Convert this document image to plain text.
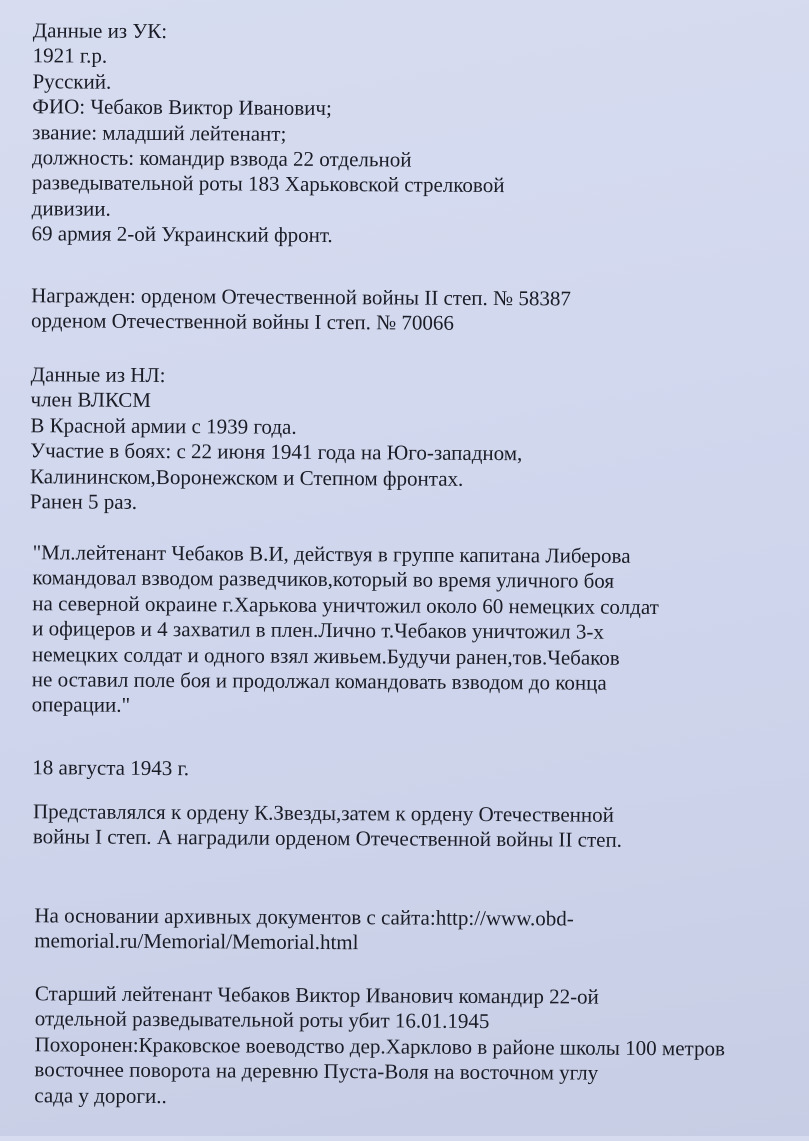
Данные из УК:
1921 г.р.
Русский.
ФИО: Чебаков Виктор Иванович;
звание: младший лейтенант;
должность: командир взвода 22 отдельной
разведывательной роты 183 Харьковской стрелковой
дивизии.
69 армия 2-ой Украинский фронт.
Награжден: орденом Отечественной войны II степ. № 58387
орденом Отечественной войны I степ. № 70066
Данные из НЛ:
член ВЛКСМ
В Красной армии с 1939 года.
Участие в боях: с 22 июня 1941 года на Юго-западном,
Калининском,Воронежском и Степном фронтах.
Ранен 5 раз.
"Мл.лейтенант Чебаков В.И, действуя в группе капитана Либерова
командовал взводом разведчиков,который во время уличного боя
на северной окраине г.Харькова уничтожил около 60 немецких солдат
и офицеров и 4 захватил в плен.Лично т.Чебаков уничтожил 3-х
немецких солдат и одного взял живьем.Будучи ранен,тов.Чебаков
не оставил поле боя и продолжал командовать взводом до конца
операции."
18 августа 1943 г.
Представлялся к ордену К.Звезды,затем к ордену Отечественной
войны I степ. А наградили орденом Отечественной войны II степ.
На основании архивных документов с сайта:http://www.obd-
memorial.ru/Memorial/Memorial.html
Старший лейтенант Чебаков Виктор Иванович командир 22-ой
отдельной разведывательной роты убит 16.01.1945
Похоронен:Краковское воеводство дер.Харклово в районе школы 100 метров
восточнее поворота на деревню Пуста-Воля на восточном углу
сада у дороги..
